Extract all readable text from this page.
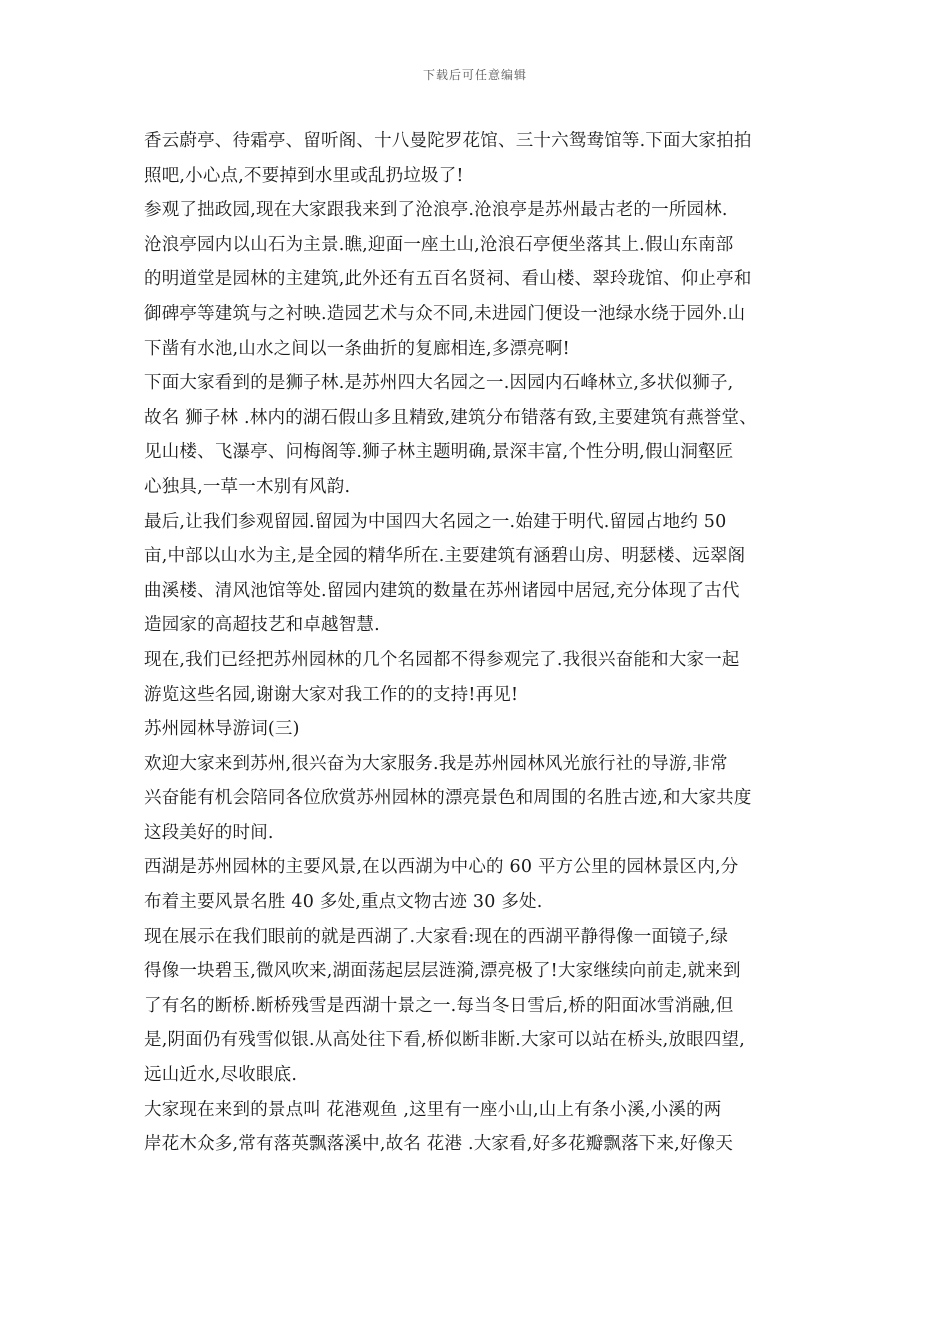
下载后可任意编辑
香云蔚亭、待霜亭、留听阁、十八曼陀罗花馆、三十六鸳鸯馆等.下面大家拍拍
照吧,小心点,不要掉到水里或乱扔垃圾了!
参观了拙政园,现在大家跟我来到了沧浪亭.沧浪亭是苏州最古老的一所园林.
沧浪亭园内以山石为主景.瞧,迎面一座土山,沧浪石亭便坐落其上.假山东南部
的明道堂是园林的主建筑,此外还有五百名贤祠、看山楼、翠玲珑馆、仰止亭和
御碑亭等建筑与之衬映.造园艺术与众不同,未进园门便设一池绿水绕于园外.山
下凿有水池,山水之间以一条曲折的复廊相连,多漂亮啊!
下面大家看到的是狮子林.是苏州四大名园之一.因园内石峰林立,多状似狮子,
故名 狮子林 .林内的湖石假山多且精致,建筑分布错落有致,主要建筑有燕誉堂、
见山楼、飞瀑亭、问梅阁等.狮子林主题明确,景深丰富,个性分明,假山洞壑匠
心独具,一草一木别有风韵.
最后,让我们参观留园.留园为中国四大名园之一.始建于明代.留园占地约 50
亩,中部以山水为主,是全园的精华所在.主要建筑有涵碧山房、明瑟楼、远翠阁
曲溪楼、清风池馆等处.留园内建筑的数量在苏州诸园中居冠,充分体现了古代
造园家的高超技艺和卓越智慧.
现在,我们已经把苏州园林的几个名园都不得参观完了.我很兴奋能和大家一起
游览这些名园,谢谢大家对我工作的的支持!再见!
苏州园林导游词(三)
欢迎大家来到苏州,很兴奋为大家服务.我是苏州园林风光旅行社的导游,非常
兴奋能有机会陪同各位欣赏苏州园林的漂亮景色和周围的名胜古迹,和大家共度
这段美好的时间.
西湖是苏州园林的主要风景,在以西湖为中心的 60 平方公里的园林景区内,分
布着主要风景名胜 40 多处,重点文物古迹 30 多处.
现在展示在我们眼前的就是西湖了.大家看:现在的西湖平静得像一面镜子,绿
得像一块碧玉,微风吹来,湖面荡起层层涟漪,漂亮极了!大家继续向前走,就来到
了有名的断桥.断桥残雪是西湖十景之一.每当冬日雪后,桥的阳面冰雪消融,但
是,阴面仍有残雪似银.从高处往下看,桥似断非断.大家可以站在桥头,放眼四望,
远山近水,尽收眼底.
大家现在来到的景点叫 花港观鱼 ,这里有一座小山,山上有条小溪,小溪的两
岸花木众多,常有落英飘落溪中,故名 花港 .大家看,好多花瓣飘落下来,好像天
